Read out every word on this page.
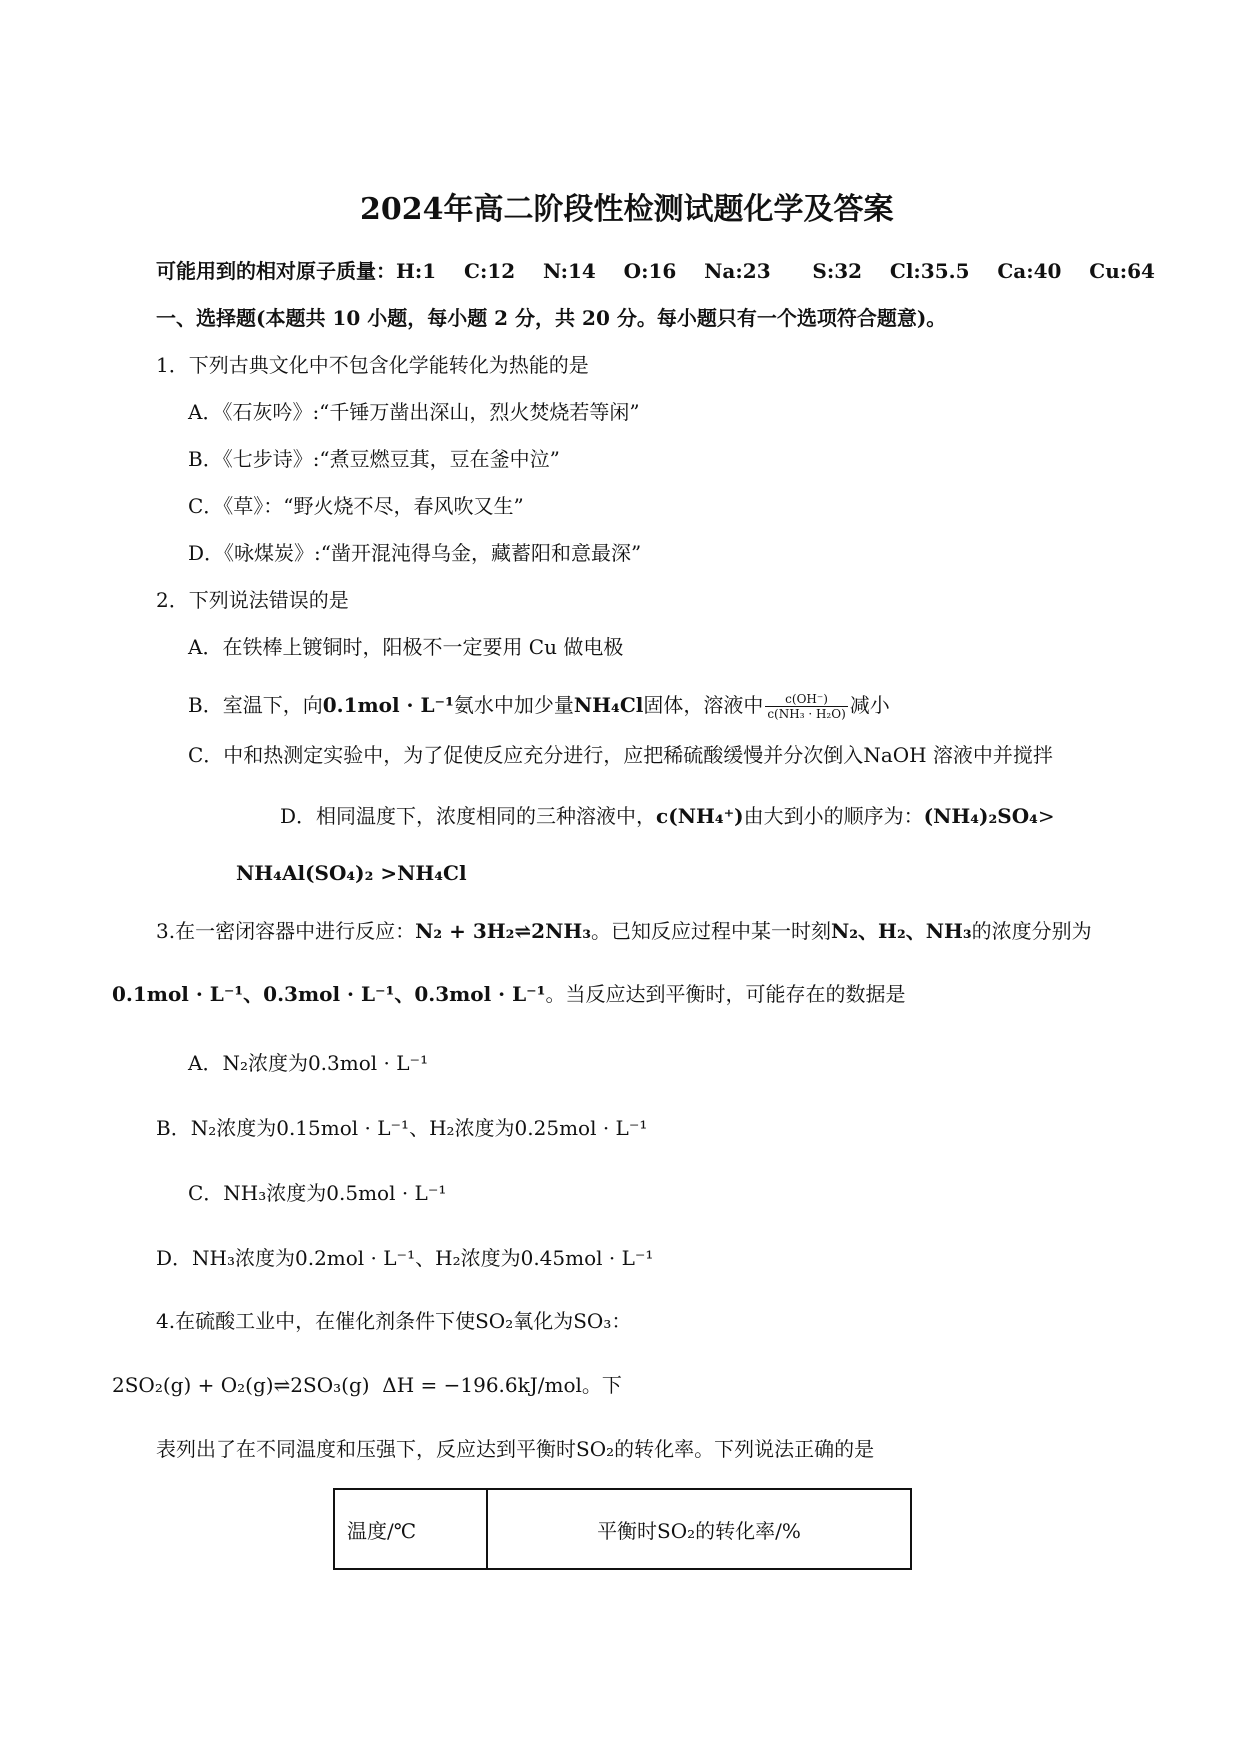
2024年高二阶段性检测试题化学及答案
可能用到的相对原子质量：H:1    C:12    N:14    O:16    Na:23      S:32    Cl:35.5    Ca:40    Cu:64
一、选择题(本题共 10 小题，每小题 2 分，共 20 分。每小题只有一个选项符合题意)。
1．下列古典文化中不包含化学能转化为热能的是
A．《石灰吟》:“千锤万凿出深山，烈火焚烧若等闲”
B．《七步诗》:“煮豆燃豆萁，豆在釜中泣”
C．《草》：“野火烧不尽，春风吹又生”
D．《咏煤炭》:“凿开混沌得乌金，藏蓄阳和意最深”
2．下列说法错误的是
A．在铁棒上镀铜时，阳极不一定要用 Cu 做电极
B．室温下，向0.1mol · L⁻¹氨水中加少量NH₄Cl固体，溶液中 $\frac{c(OH^-)}{\text{c(NH₃ · H₂O)}}$ 减小
C．中和热测定实验中，为了促使反应充分进行，应把稀硫酸缓慢并分次倒入NaOH 溶液中并搅拌
D．相同温度下，浓度相同的三种溶液中，c(NH₄⁺)由大到小的顺序为：(NH₄)₂SO₄>
NH₄Al(SO₄)₂ >NH₄Cl
3.在一密闭容器中进行反应：N₂ + 3H₂⇌2NH₃。已知反应过程中某一时刻N₂、H₂、NH₃的浓度分别为
0.1mol · L⁻¹、0.3mol · L⁻¹、0.3mol · L⁻¹。当反应达到平衡时，可能存在的数据是
A．N₂浓度为0.3mol · L⁻¹
B．N₂浓度为0.15mol · L⁻¹、H₂浓度为0.25mol · L⁻¹
C．NH₃浓度为0.5mol · L⁻¹
D．NH₃浓度为0.2mol · L⁻¹、H₂浓度为0.45mol · L⁻¹
4.在硫酸工业中，在催化剂条件下使SO₂氧化为SO₃：
2SO₂(g) + O₂(g)⇌2SO₃(g)  ΔH = −196.6kJ/mol。下
表列出了在不同温度和压强下，反应达到平衡时SO₂的转化率。下列说法正确的是
温度/℃	平衡时SO₂的转化率/%
